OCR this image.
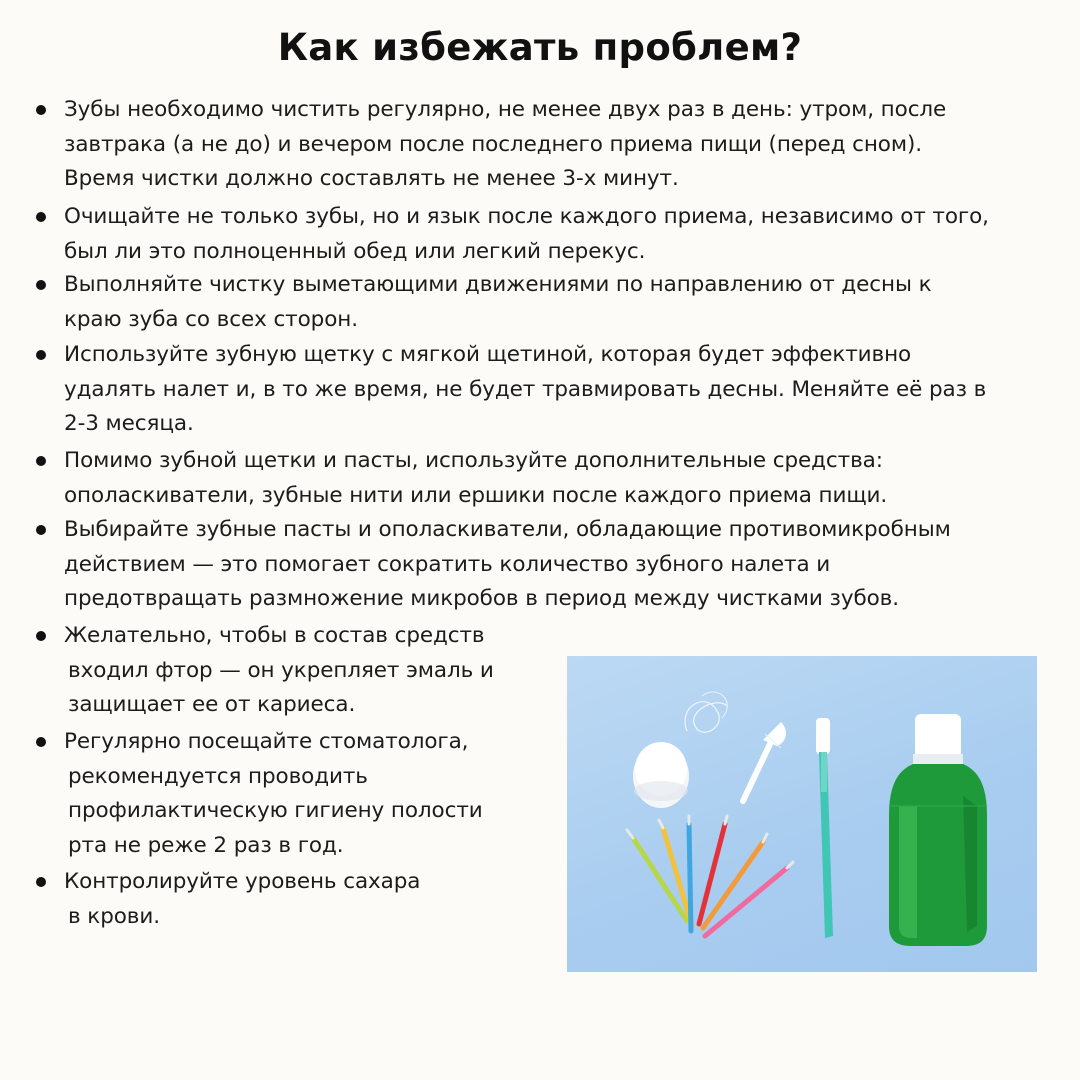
Как избежать проблем?
Зубы необходимо чистить регулярно, не менее двух раз в день: утром, после
завтрака (а не до) и вечером после последнего приема пищи (перед сном).
Время чистки должно составлять не менее 3-х минут.
Очищайте не только зубы, но и язык после каждого приема, независимо от того,
был ли это полноценный обед или легкий перекус.
Выполняйте чистку выметающими движениями по направлению от десны к
краю зуба со всех сторон.
Используйте зубную щетку с мягкой щетиной, которая будет эффективно
удалять налет и, в то же время, не будет травмировать десны. Меняйте её раз в
2-3 месяца.
Помимо зубной щетки и пасты, используйте дополнительные средства:
ополаскиватели, зубные нити или ершики после каждого приема пищи.
Выбирайте зубные пасты и ополаскиватели, обладающие противомикробным
действием — это помогает сократить количество зубного налета и
предотвращать размножение микробов в период между чистками зубов.
Желательно, чтобы в состав средств
входил фтор — он укрепляет эмаль и
защищает ее от кариеса.
Регулярно посещайте стоматолога,
рекомендуется проводить
профилактическую гигиену полости
рта не реже 2 раз в год.
Контролируйте уровень сахара
в крови.
